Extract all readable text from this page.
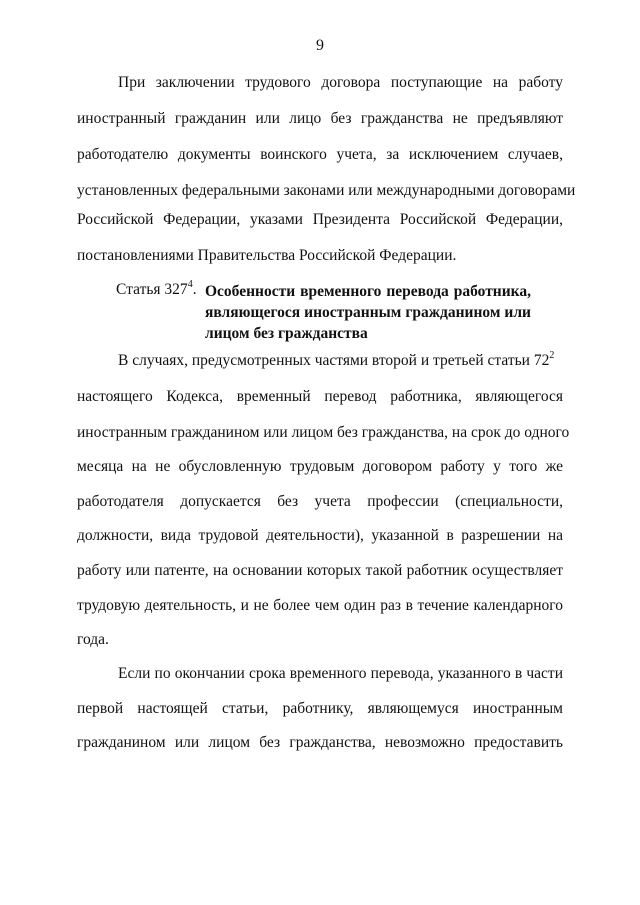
9
При заключении трудового договора поступающие на работу
иностранный гражданин или лицо без гражданства не предъявляют
работодателю документы воинского учета, за исключением случаев,
установленных федеральными законами или международными договорами
Российской Федерации, указами Президента Российской Федерации,
постановлениями Правительства Российской Федерации.
Статья $327^4$. Особенности временного перевода работника,
являющегося иностранным гражданином или
лицом без гражданства
В случаях, предусмотренных частями второй и третьей статьи $72^2$
настоящего Кодекса, временный перевод работника, являющегося
иностранным гражданином или лицом без гражданства, на срок до одного
месяца на не обусловленную трудовым договором работу у того же
работодателя допускается без учета профессии (специальности,
должности, вида трудовой деятельности), указанной в разрешении на
работу или патенте, на основании которых такой работник осуществляет
трудовую деятельность, и не более чем один раз в течение календарного
года.
Если по окончании срока временного перевода, указанного в части
первой настоящей статьи, работнику, являющемуся иностранным
гражданином или лицом без гражданства, невозможно предоставить
